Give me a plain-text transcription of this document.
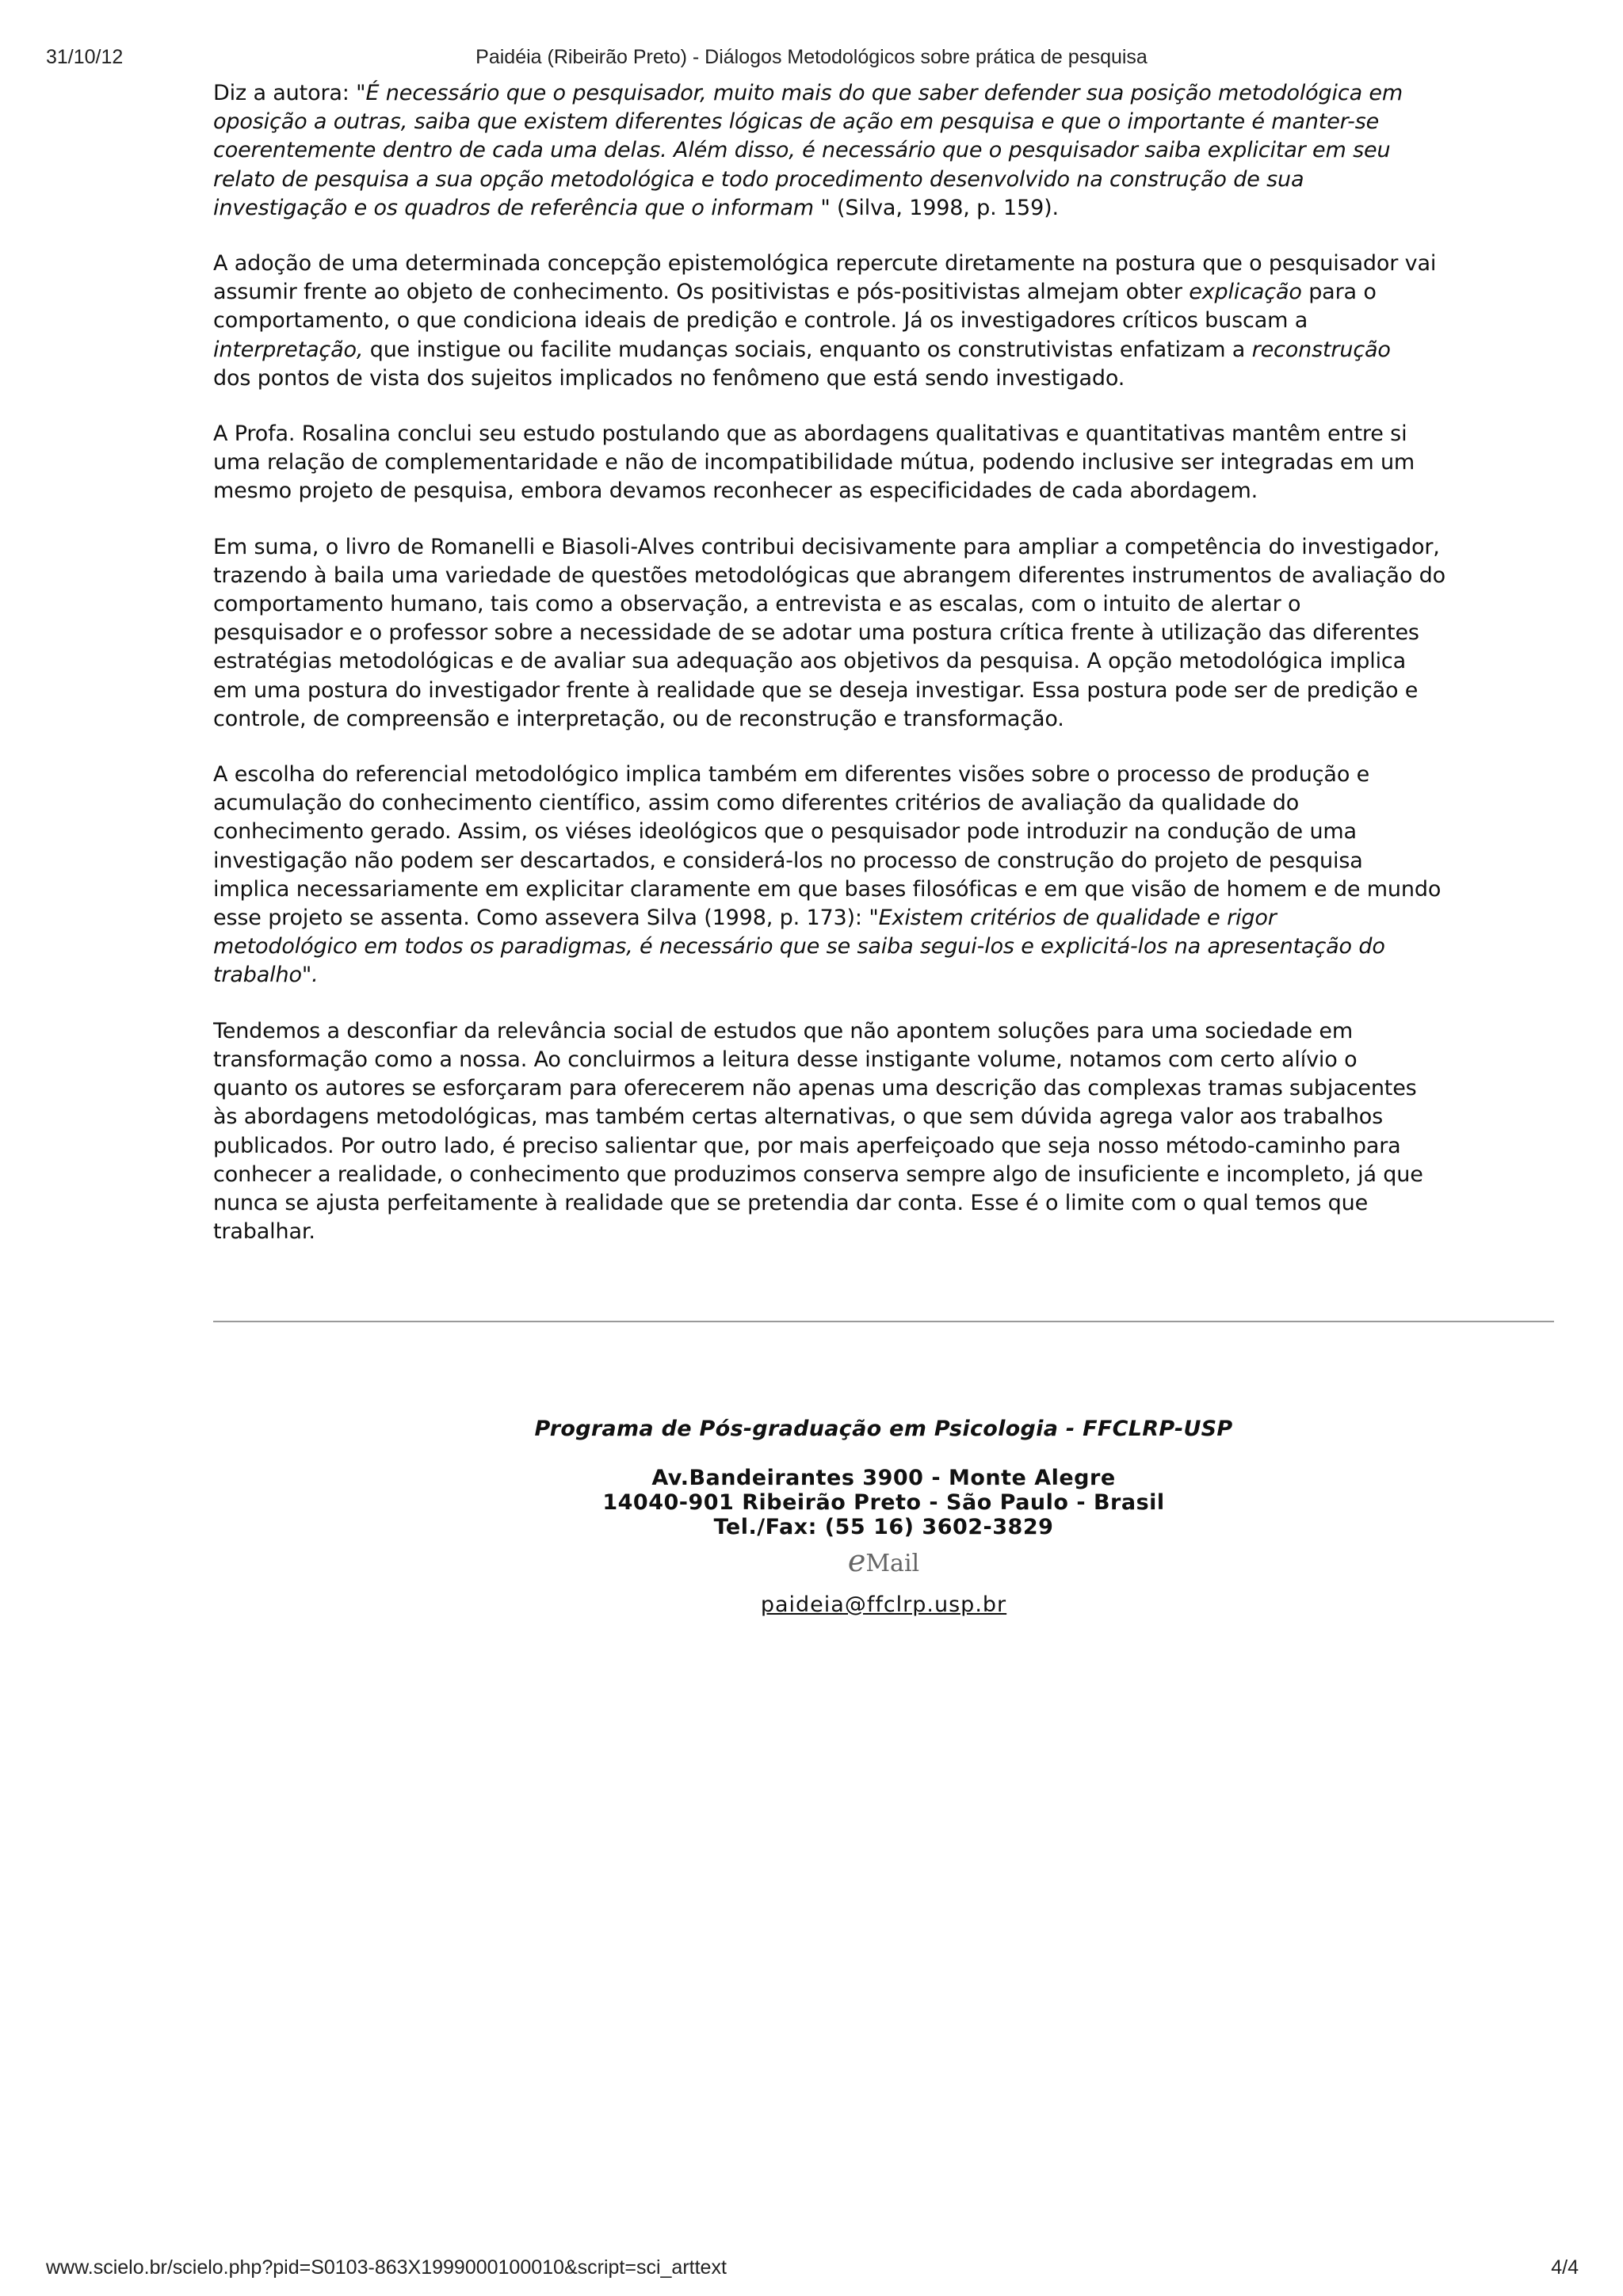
31/10/12	Paidéia (Ribeirão Preto) - Diálogos Metodológicos sobre prática de pesquisa

Diz a autora: "É necessário que o pesquisador, muito mais do que saber defender sua posição metodológica em
oposição a outras, saiba que existem diferentes lógicas de ação em pesquisa e que o importante é manter-se
coerentemente dentro de cada uma delas. Além disso, é necessário que o pesquisador saiba explicitar em seu
relato de pesquisa a sua opção metodológica e todo procedimento desenvolvido na construção de sua
investigação e os quadros de referência que o informam " (Silva, 1998, p. 159).

A adoção de uma determinada concepção epistemológica repercute diretamente na postura que o pesquisador vai
assumir frente ao objeto de conhecimento. Os positivistas e pós-positivistas almejam obter explicação para o
comportamento, o que condiciona ideais de predição e controle. Já os investigadores críticos buscam a
interpretação, que instigue ou facilite mudanças sociais, enquanto os construtivistas enfatizam a reconstrução
dos pontos de vista dos sujeitos implicados no fenômeno que está sendo investigado.

A Profa. Rosalina conclui seu estudo postulando que as abordagens qualitativas e quantitativas mantêm entre si
uma relação de complementaridade e não de incompatibilidade mútua, podendo inclusive ser integradas em um
mesmo projeto de pesquisa, embora devamos reconhecer as especificidades de cada abordagem.

Em suma, o livro de Romanelli e Biasoli-Alves contribui decisivamente para ampliar a competência do investigador,
trazendo à baila uma variedade de questões metodológicas que abrangem diferentes instrumentos de avaliação do
comportamento humano, tais como a observação, a entrevista e as escalas, com o intuito de alertar o
pesquisador e o professor sobre a necessidade de se adotar uma postura crítica frente à utilização das diferentes
estratégias metodológicas e de avaliar sua adequação aos objetivos da pesquisa. A opção metodológica implica
em uma postura do investigador frente à realidade que se deseja investigar. Essa postura pode ser de predição e
controle, de compreensão e interpretação, ou de reconstrução e transformação.

A escolha do referencial metodológico implica também em diferentes visões sobre o processo de produção e
acumulação do conhecimento científico, assim como diferentes critérios de avaliação da qualidade do
conhecimento gerado. Assim, os viéses ideológicos que o pesquisador pode introduzir na condução de uma
investigação não podem ser descartados, e considerá-los no processo de construção do projeto de pesquisa
implica necessariamente em explicitar claramente em que bases filosóficas e em que visão de homem e de mundo
esse projeto se assenta. Como assevera Silva (1998, p. 173): "Existem critérios de qualidade e rigor
metodológico em todos os paradigmas, é necessário que se saiba segui-los e explicitá-los na apresentação do
trabalho".

Tendemos a desconfiar da relevância social de estudos que não apontem soluções para uma sociedade em
transformação como a nossa. Ao concluirmos a leitura desse instigante volume, notamos com certo alívio o
quanto os autores se esforçaram para oferecerem não apenas uma descrição das complexas tramas subjacentes
às abordagens metodológicas, mas também certas alternativas, o que sem dúvida agrega valor aos trabalhos
publicados. Por outro lado, é preciso salientar que, por mais aperfeiçoado que seja nosso método-caminho para
conhecer a realidade, o conhecimento que produzimos conserva sempre algo de insuficiente e incompleto, já que
nunca se ajusta perfeitamente à realidade que se pretendia dar conta. Esse é o limite com o qual temos que
trabalhar.

Programa de Pós-graduação em Psicologia - FFCLRP-USP
Av.Bandeirantes 3900 - Monte Alegre
14040-901 Ribeirão Preto - São Paulo - Brasil
Tel./Fax: (55 16) 3602-3829
eMail
paideia@ffclrp.usp.br
www.scielo.br/scielo.php?pid=S0103-863X1999000100010&script=sci_arttext	4/4
